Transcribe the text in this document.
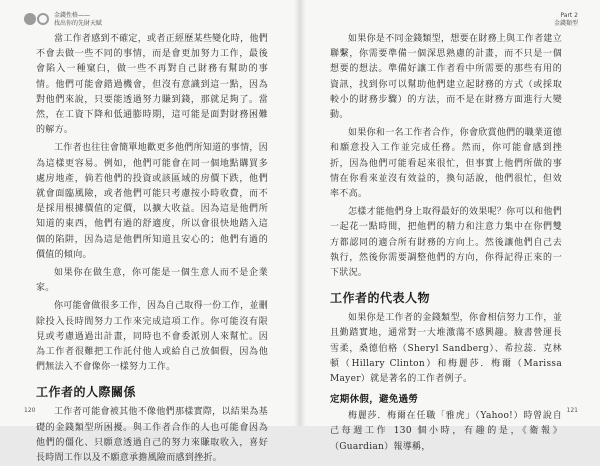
金錢性格——
找出你的先財天賦

當工作者感到不確定，或者正經歷某些變化時，他們不會去做一些不同的事情，而是會更加努力工作，最後會陷入一種窠臼，做一些不再對自己財務有幫助的事情。他們可能會錯過機會，但沒有意識到這一點，因為對他們來說，只要能透過努力賺到錢，那就足夠了。當然，在工資下降和低通膨時期，這可能是面對財務困難的解方。

工作者也往往會簡單地歡更多他們所知道的事情，因為這樣更容易。例如，他們可能會在同一個地點購買多處房地產，倘若他們的投資或該區域的房價下跌，他們就會面臨風險，或者他們可能只考慮按小時收費，而不是採用根據價值的定價，以擴大收益。因為這是他們所知道的東西，他們有過的舒適度，所以會很快地踏入這個的陷阱，因為這是他們所知道且安心的；他們有過的價值的傾向。

如果你在做生意，你可能是一個生意人而不是企業家。

你可能會做很多工作，因為自己取得一份工作，並刪除投入長時間努力工作來完成這項工作。你可能沒有限見或考慮過過出計畫，同時也不會委派別人來幫忙。因為工作者很難把工作託付他人或給自己放個假，因為他們無法入不會像你一樣努力工作。

工作者的人際關係

工作者可能會被其他不像他們那樣實際，以結果為基礎的金錢類型所困擾。與工作者合作的人也可能會因為他們的僵化、只願意透過自己的努力來賺取收入，喜好長時間工作以及不願意承擔風險而感到挫折。

120
Part 2
金錢類型

如果你是不同金錢類型，想要在財務上與工作者建立聯繫，你需要準備一個深思熟慮的計畫，而不只是一個想要的想法。準備好讓工作者看中所需要的那些有用的資訊，找到你可以幫助他們建立起財務的方式（或採取較小的財務步驟）的方法，而不是在財務方面進行大變動。

如果你和一名工作者合作，你會欣賞他們的職業道德和願意投入工作並完成任務。然而，你可能會感到挫折，因為他們可能看起來很忙，但事實上他們所做的事情在你看來並沒有效益的，換句話說，他們很忙，但效率不高。

怎樣才能他們身上取得最好的效果呢？你可以和他們一起花一點時間，把他們的精力和注意力集中在你們雙方都認同的適合所有財務的方向上。然後讓他們自己去執行，然後你需要調整他們的方向，你得記得正來的一下狀況。

工作者的代表人物

如果你是工作者的金錢類型，你會相信努力工作，並且勤踏實地，通常對一大堆激蕩不感興趣。臉書營運長雪柔，桑德伯格（Sheryl Sandberg）、希拉蕊．克林頓（Hillary Clinton）和梅麗莎．梅爾（Marissa Mayer）就是著名的工作者例子。

定期休假，避免過勞

梅麗莎．梅爾在任職「雅虎」（Yahoo!）時曾說自己每週工作 130 個小時，有趣的是，《衛報》（Guardian）報導稱，

121
